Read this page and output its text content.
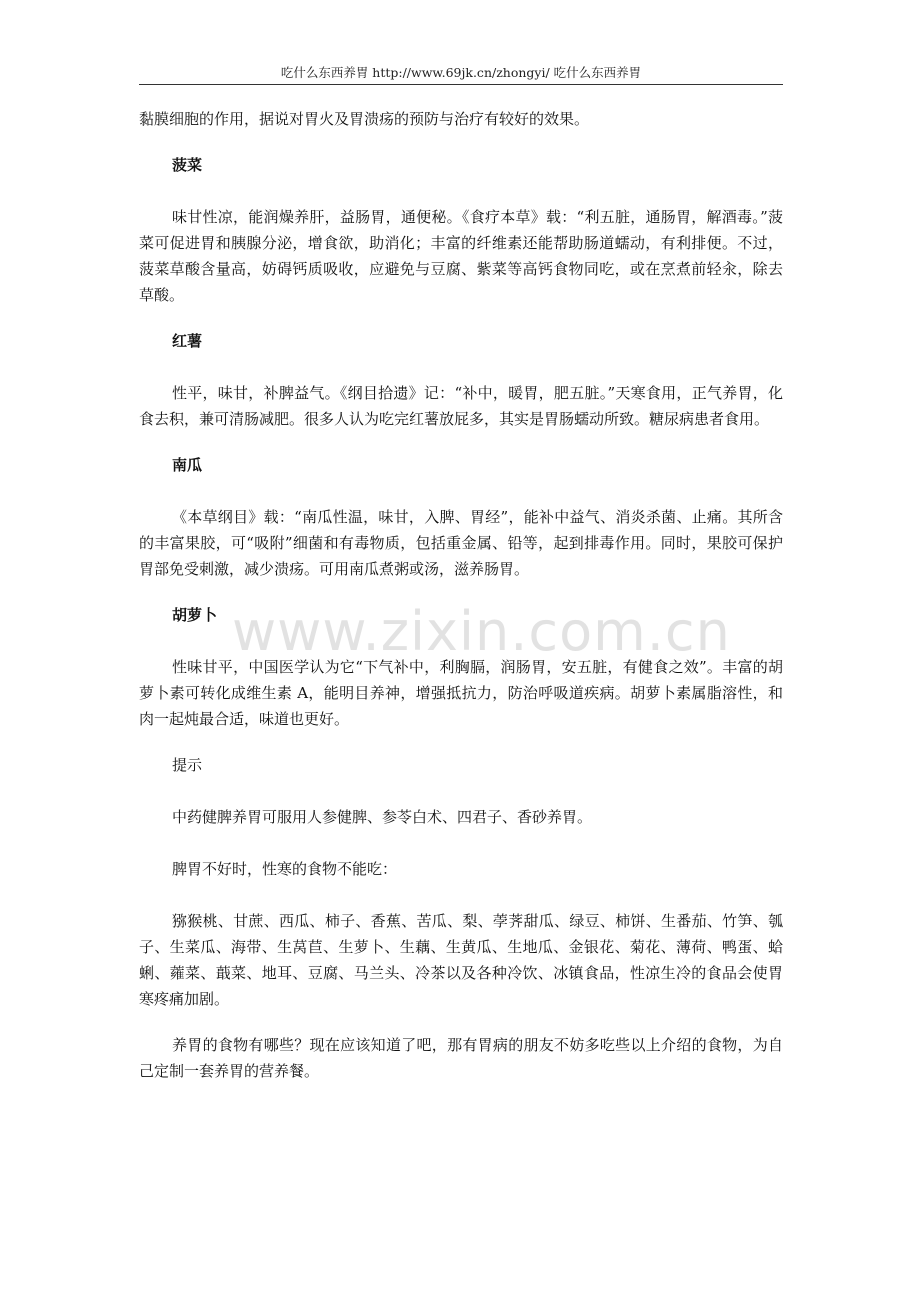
吃什么东西养胃 http://www.69jk.cn/zhongyi/ 吃什么东西养胃
www.zixin.com.cn

黏膜细胞的作用，据说对胃火及胃溃疡的预防与治疗有较好的效果。

菠菜

味甘性凉，能润燥养肝，益肠胃，通便秘。《食疗本草》载：“利五脏，通肠胃，解酒毒。”菠菜可促进胃和胰腺分泌，增食欲，助消化；丰富的纤维素还能帮助肠道蠕动，有利排便。不过，菠菜草酸含量高，妨碍钙质吸收，应避免与豆腐、紫菜等高钙食物同吃，或在烹煮前轻汆，除去草酸。

红薯

性平，味甘，补脾益气。《纲目拾遗》记：“补中，暖胃，肥五脏。”天寒食用，正气养胃，化食去积，兼可清肠减肥。很多人认为吃完红薯放屁多，其实是胃肠蠕动所致。糖尿病患者食用。

南瓜

《本草纲目》载：“南瓜性温，味甘，入脾、胃经”，能补中益气、消炎杀菌、止痛。其所含的丰富果胶，可“吸附”细菌和有毒物质，包括重金属、铅等，起到排毒作用。同时，果胶可保护胃部免受刺激，减少溃疡。可用南瓜煮粥或汤，滋养肠胃。

胡萝卜

性味甘平，中国医学认为它“下气补中，利胸膈，润肠胃，安五脏，有健食之效”。丰富的胡萝卜素可转化成维生素 A，能明目养神，增强抵抗力，防治呼吸道疾病。胡萝卜素属脂溶性，和肉一起炖最合适，味道也更好。

提示

中药健脾养胃可服用人参健脾、参苓白术、四君子、香砂养胃。

脾胃不好时，性寒的食物不能吃：

猕猴桃、甘蔗、西瓜、柿子、香蕉、苦瓜、梨、荸荠甜瓜、绿豆、柿饼、生番茄、竹笋、瓠子、生菜瓜、海带、生莴苣、生萝卜、生藕、生黄瓜、生地瓜、金银花、菊花、薄荷、鸭蛋、蛤蜊、蕹菜、蕺菜、地耳、豆腐、马兰头、冷茶以及各种冷饮、冰镇食品，性凉生冷的食品会使胃寒疼痛加剧。

养胃的食物有哪些？现在应该知道了吧，那有胃病的朋友不妨多吃些以上介绍的食物，为自己定制一套养胃的营养餐。
